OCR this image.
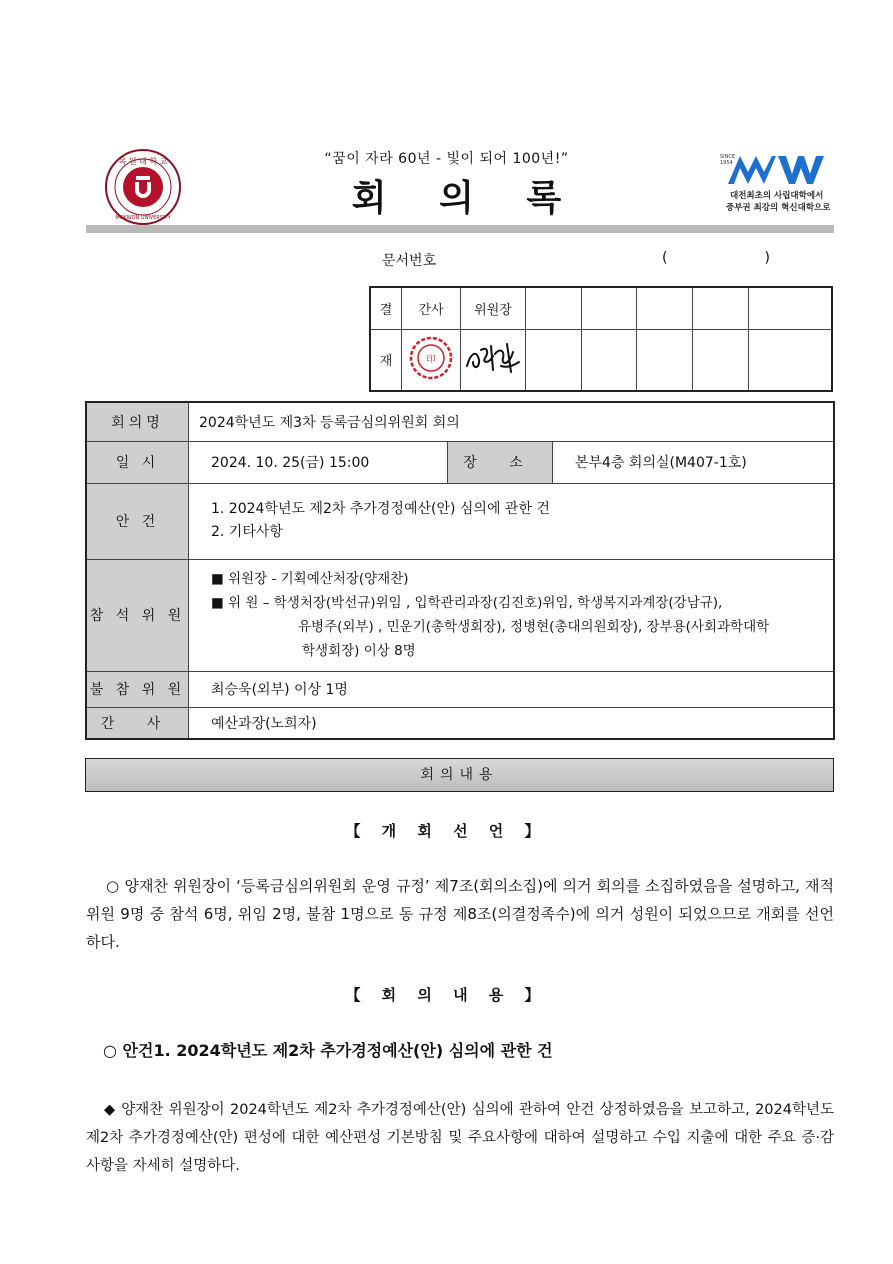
목 원 대 학 교
MOKWON UNIVERSITY
“꿈이 자라 60년 - 빛이 되어 100년!”
회 의 록
SINCE
1954
대전최초의 사립대학에서
중부권 최강의 혁신대학으로
문서번호	(	)
결	간사	위원장					
재	印

회의명	2024학년도 제3차 등록금심의위원회 회의		
일 시	2024. 10. 25(금) 15:00	장 소	본부4층 회의실(M407-1호)
안 건	1. 2024학년도 제2차 추가경정예산(안) 심의에 관한 건
2. 기타사항		

참 석 위 원	■ 위원장 - 기획예산처장(양재찬)
■ 위 원 – 학생처장(박선규)위임 , 입학관리과장(김진호)위임, 학생복지과계장(강남규),
유병주(외부) , 민운기(총학생회장), 정병현(총대의원회장), 장부용(사회과학대학
학생회장) 이상 8명		

불 참 위 원	최승욱(외부) 이상 1명		
간 사	예산과장(노희자)		
회의내용
【 개 회 선 언 】
○ 양재찬 위원장이 ‘등록금심의위원회 운영 규정’ 제7조(회의소집)에 의거 회의를 소집하였음을 설명하고, 재적위원 9명 중 참석 6명, 위임 2명, 불참 1명으로 동 규정 제8조(의결정족수)에 의거 성원이 되었으므로 개회를 선언하다.
【 회 의 내 용 】
○ 안건1. 2024학년도 제2차 추가경정예산(안) 심의에 관한 건
◆ 양재찬 위원장이 2024학년도 제2차 추가경정예산(안) 심의에 관하여 안건 상정하였음을 보고하고, 2024학년도 제2차 추가경정예산(안) 편성에 대한 예산편성 기본방침 및 주요사항에 대하여 설명하고 수입 지출에 대한 주요 증·감 사항을 자세히 설명하다.
